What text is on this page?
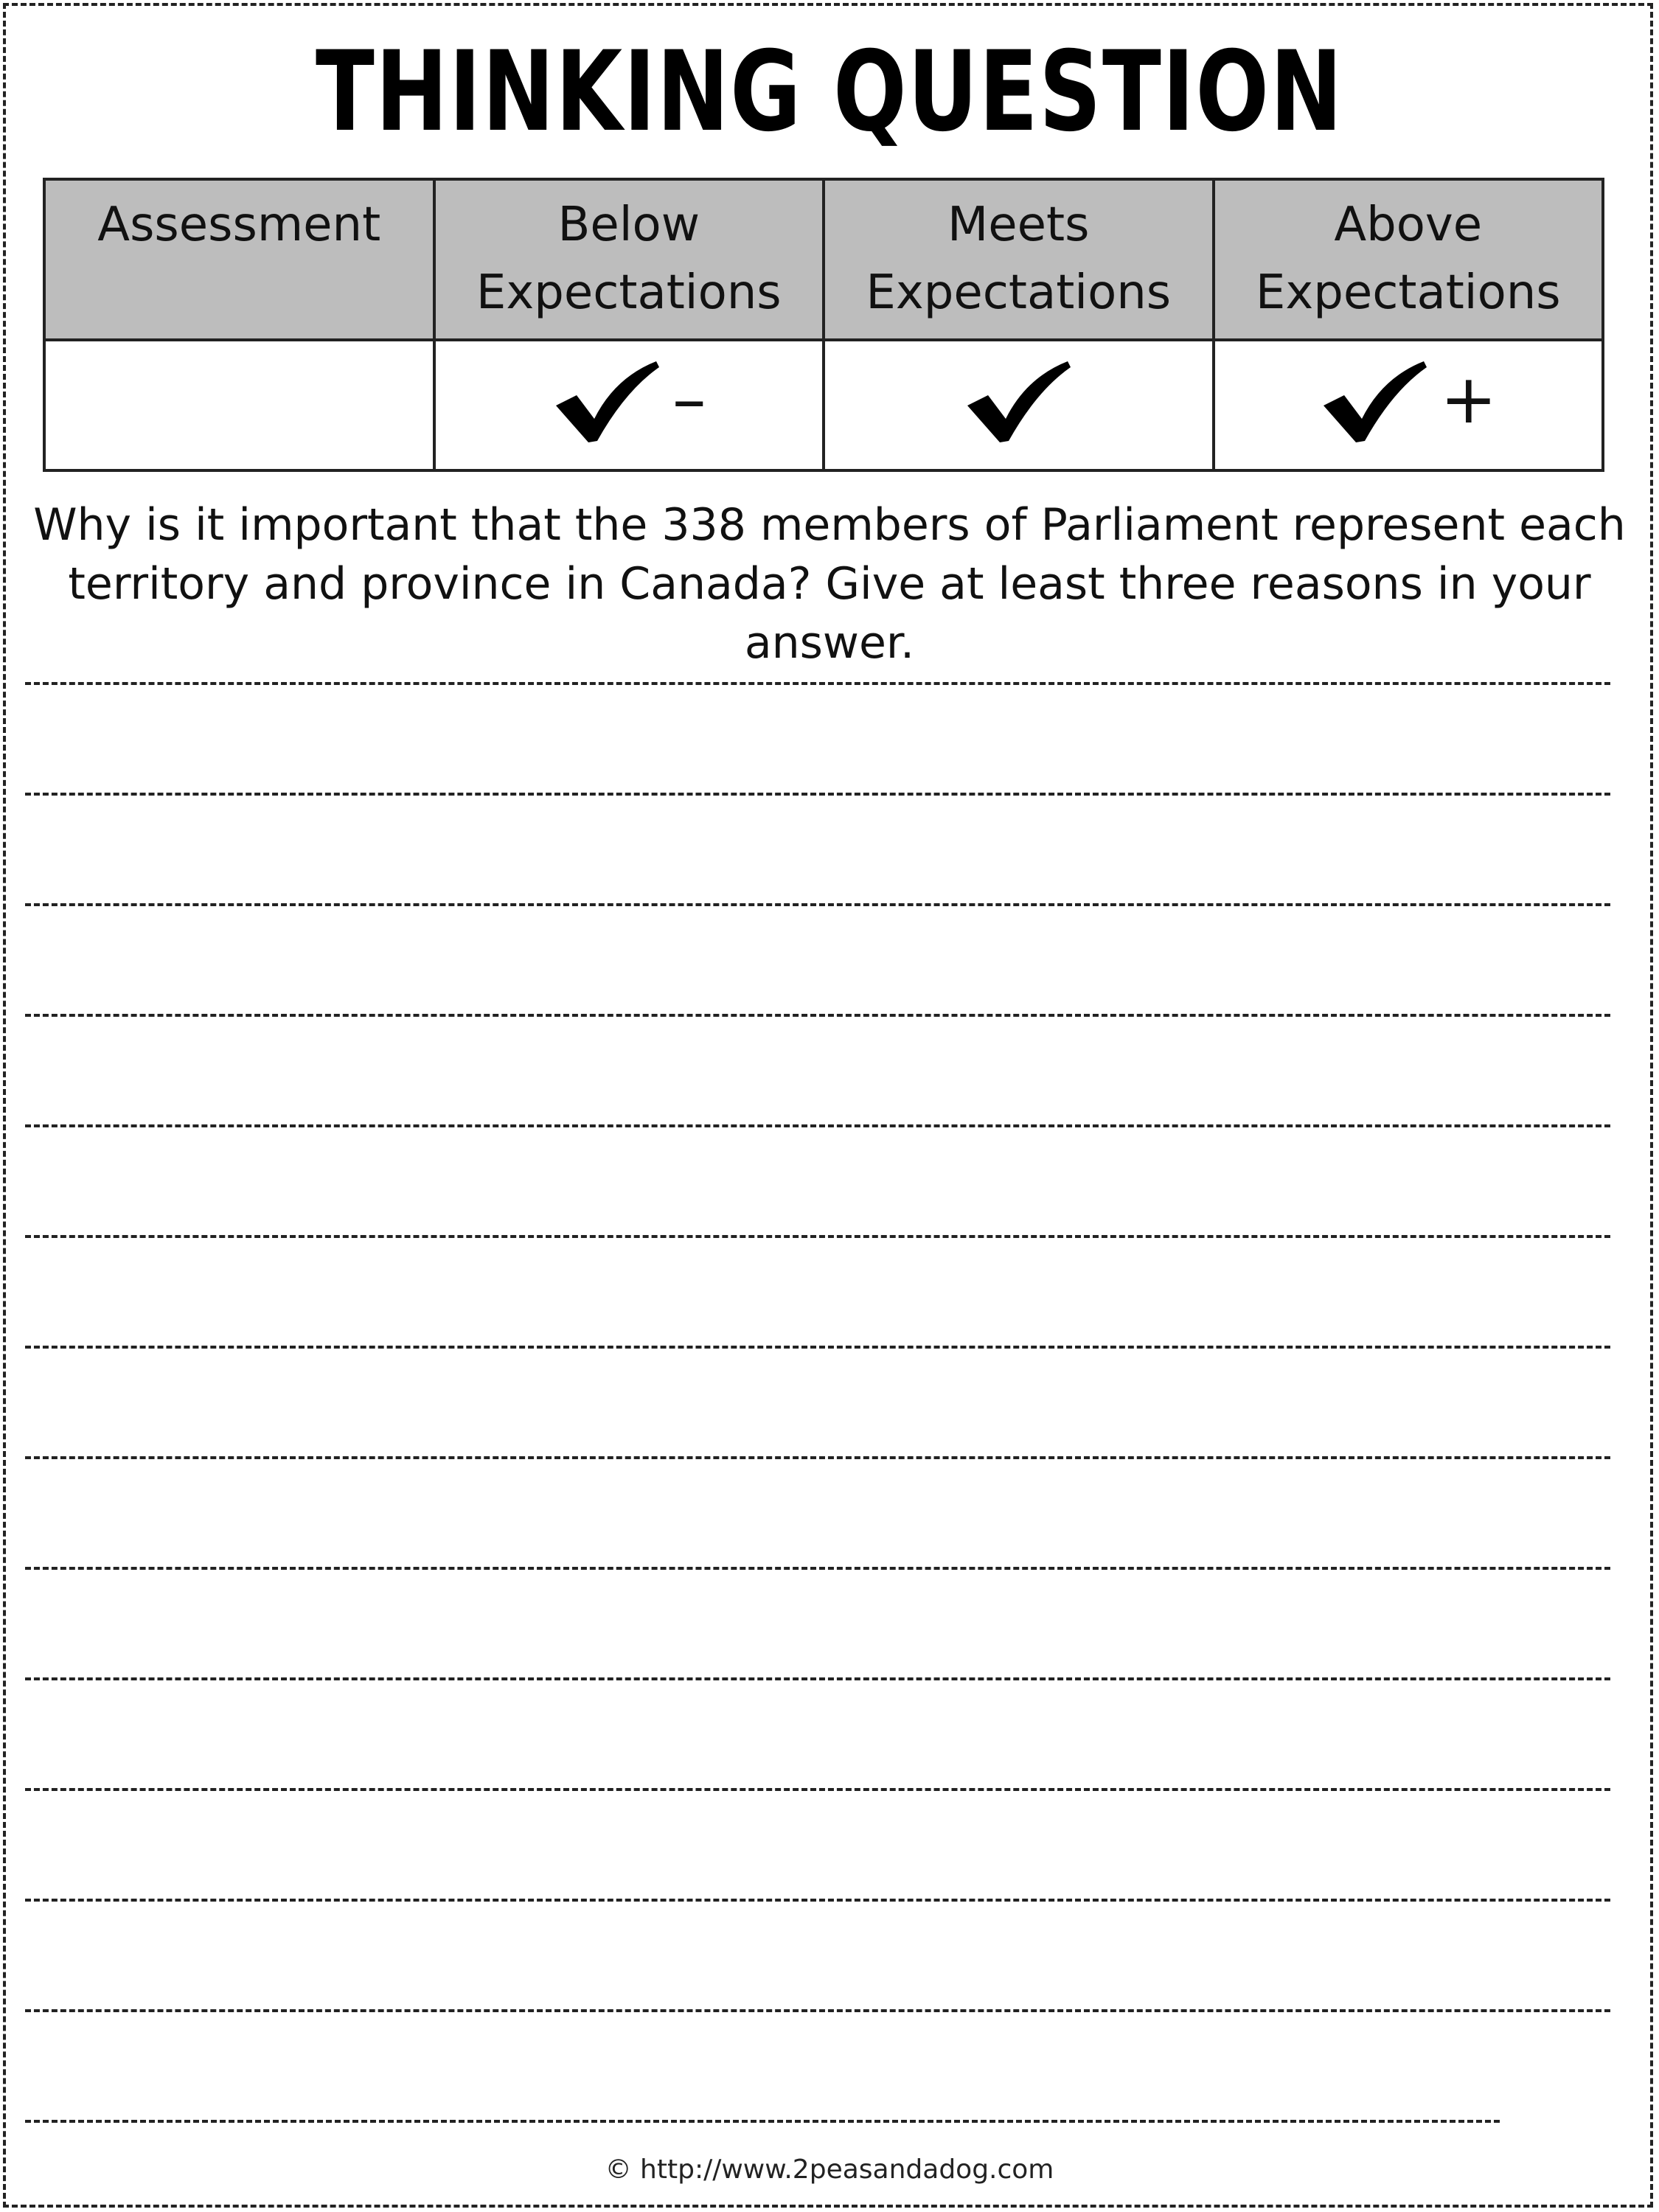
THINKING QUESTION
Assessment	Below Expectations	Meets Expectations	Above Expectations

	–		+
Why is it important that the 338 members of Parliament represent each territory and province in Canada? Give at least three reasons in your answer.
© http://www.2peasandadog.com
